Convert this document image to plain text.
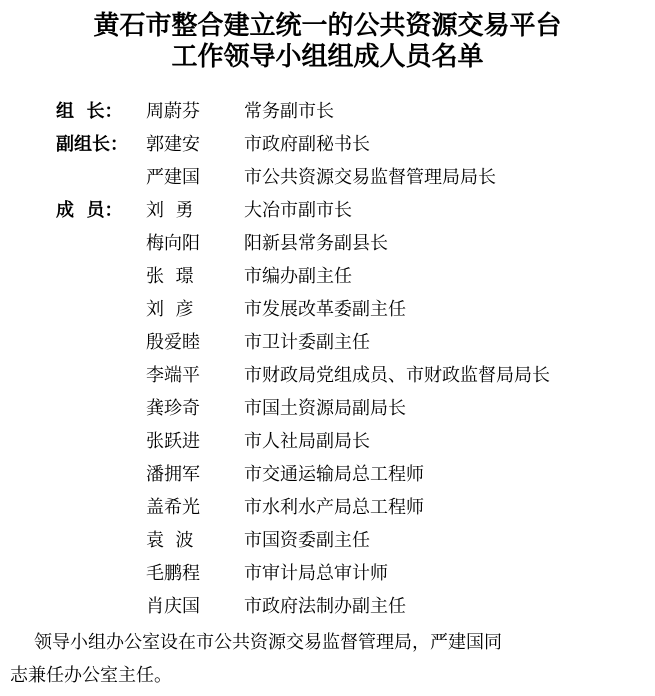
黄石市整合建立统一的公共资源交易平台
工作领导小组组成人员名单
组  长：	周蔚芬	常务副市长
副组长：	郭建安	市政府副秘书长
严建国	市公共资源交易监督管理局局长
成  员：	刘  勇	大冶市副市长
梅向阳	阳新县常务副县长
张  璟	市编办副主任
刘  彦	市发展改革委副主任
殷爱睦	市卫计委副主任
李端平	市财政局党组成员、市财政监督局局长
龚珍奇	市国土资源局副局长
张跃进	市人社局副局长
潘拥军	市交通运输局总工程师
盖希光	市水利水产局总工程师
袁  波	市国资委副主任
毛鹏程	市审计局总审计师
肖庆国	市政府法制办副主任
领导小组办公室设在市公共资源交易监督管理局，严建国同
志兼任办公室主任。
